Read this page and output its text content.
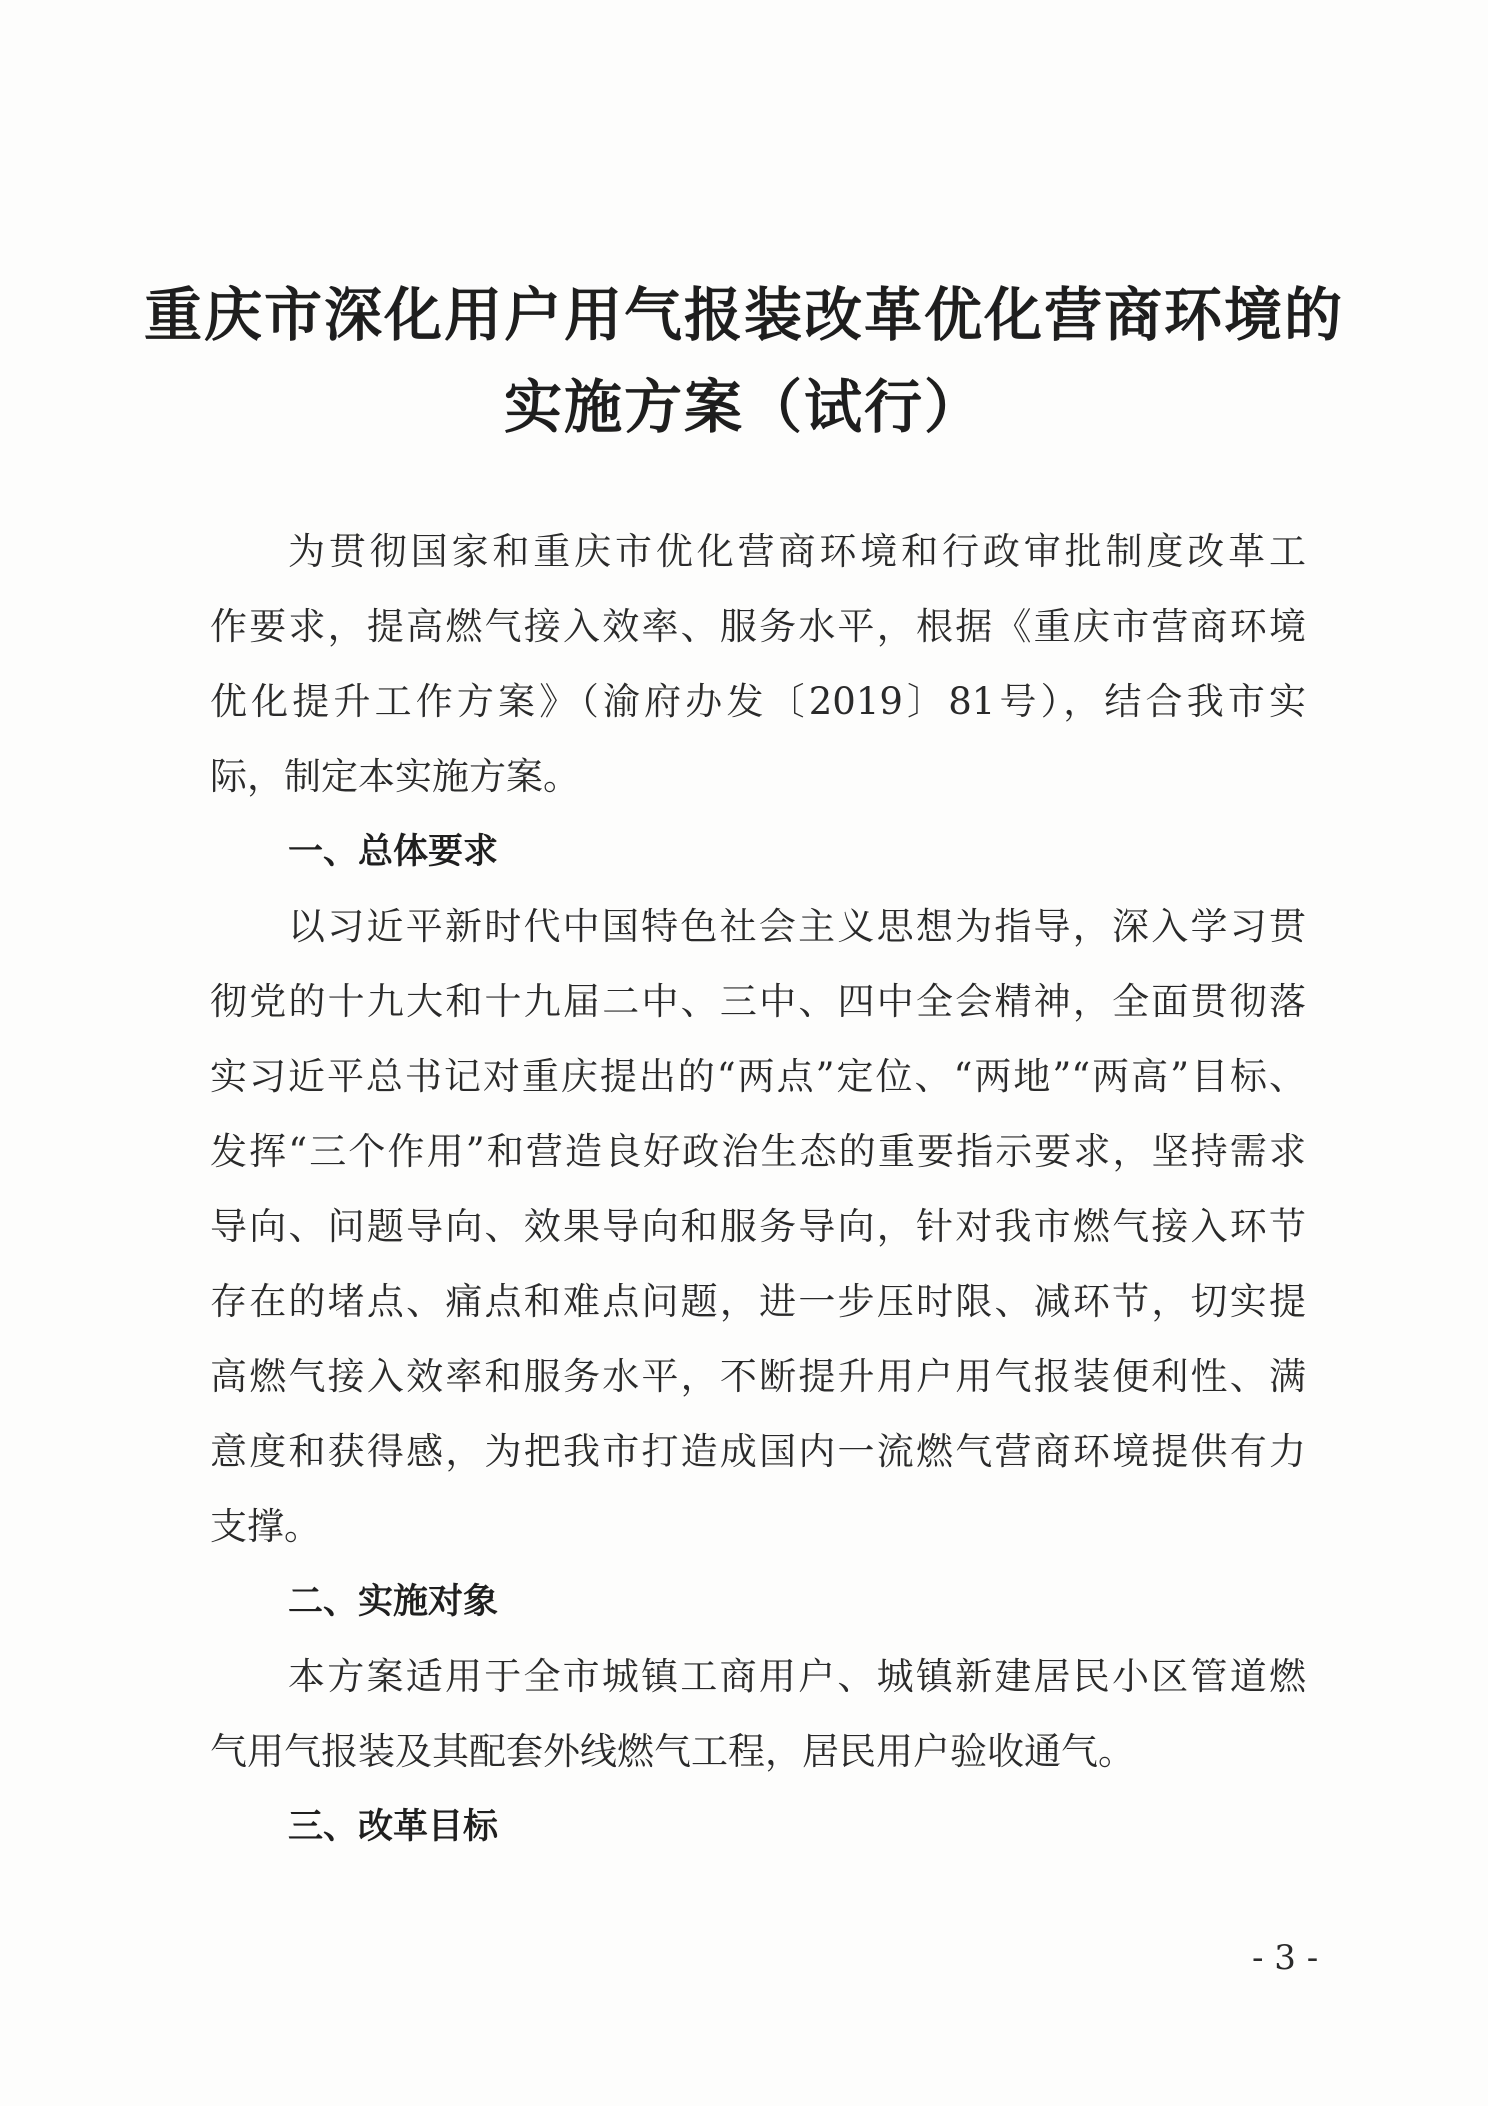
重庆市深化用户用气报装改革优化营商环境的
实施方案（试行）
为贯彻国家和重庆市优化营商环境和行政审批制度改革工
作要求，提高燃气接入效率、服务水平，根据《重庆市营商环境
优化提升工作方案》（渝府办发〔2019〕81号），结合我市实
际，制定本实施方案。
一、总体要求
以习近平新时代中国特色社会主义思想为指导，深入学习贯
彻党的十九大和十九届二中、三中、四中全会精神，全面贯彻落
实习近平总书记对重庆提出的“两点”定位、“两地”“两高”目标、
发挥“三个作用”和营造良好政治生态的重要指示要求，坚持需求
导向、问题导向、效果导向和服务导向，针对我市燃气接入环节
存在的堵点、痛点和难点问题，进一步压时限、减环节，切实提
高燃气接入效率和服务水平，不断提升用户用气报装便利性、满
意度和获得感，为把我市打造成国内一流燃气营商环境提供有力
支撑。
二、实施对象
本方案适用于全市城镇工商用户、城镇新建居民小区管道燃
气用气报装及其配套外线燃气工程，居民用户验收通气。
三、改革目标
- 3 -
